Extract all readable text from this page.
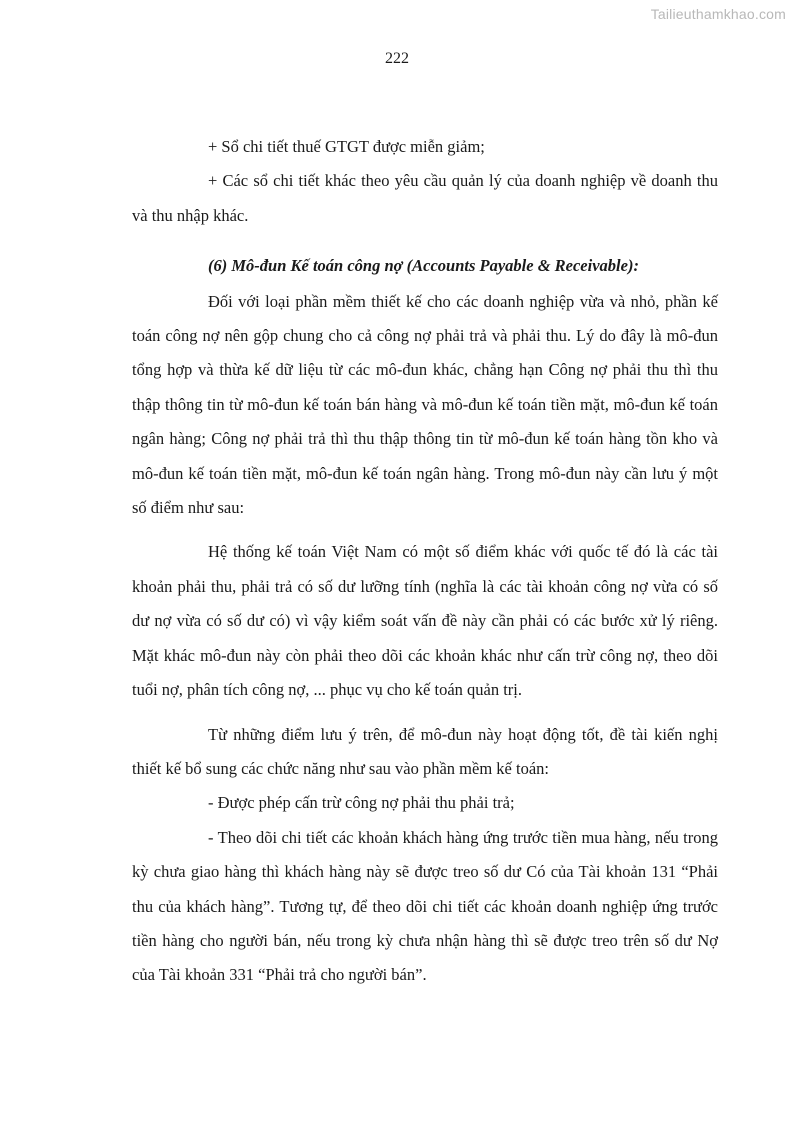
Tailieuthamkhao.com
222

+ Sổ chi tiết thuế GTGT được miễn giảm;

+ Các sổ chi tiết khác theo yêu cầu quản lý của doanh nghiệp về doanh thu và thu nhập khác.

(6) Mô-đun Kế toán công nợ (Accounts Payable & Receivable):

Đối với loại phần mềm thiết kế cho các doanh nghiệp vừa và nhỏ, phần kế toán công nợ nên gộp chung cho cả công nợ phải trả và phải thu. Lý do đây là mô-đun tổng hợp và thừa kế dữ liệu từ các mô-đun khác, chẳng hạn Công nợ phải thu thì thu thập thông tin từ mô-đun kế toán bán hàng và mô-đun kế toán tiền mặt, mô-đun kế toán ngân hàng; Công nợ phải trả thì thu thập thông tin từ mô-đun kế toán hàng tồn kho và mô-đun kế toán tiền mặt, mô-đun kế toán ngân hàng. Trong mô-đun này cần lưu ý một số điểm như sau:

Hệ thống kế toán Việt Nam có một số điểm khác với quốc tế đó là các tài khoản phải thu, phải trả có số dư lưỡng tính (nghĩa là các tài khoản công nợ vừa có số dư nợ vừa có số dư có) vì vậy kiểm soát vấn đề này cần phải có các bước xử lý riêng. Mặt khác mô-đun này còn phải theo dõi các khoản khác như cấn trừ công nợ, theo dõi tuổi nợ, phân tích công nợ, ... phục vụ cho kế toán quản trị.

Từ những điểm lưu ý trên, để mô-đun này hoạt động tốt, đề tài kiến nghị thiết kế bổ sung các chức năng như sau vào phần mềm kế toán:

- Được phép cấn trừ công nợ phải thu phải trả;

- Theo dõi chi tiết các khoản khách hàng ứng trước tiền mua hàng, nếu trong kỳ chưa giao hàng thì khách hàng này sẽ được treo số dư Có của Tài khoản 131 “Phải thu của khách hàng”. Tương tự, để theo dõi chi tiết các khoản doanh nghiệp ứng trước tiền hàng cho người bán, nếu trong kỳ chưa nhận hàng thì sẽ được treo trên số dư Nợ của Tài khoản 331 “Phải trả cho người bán”.
